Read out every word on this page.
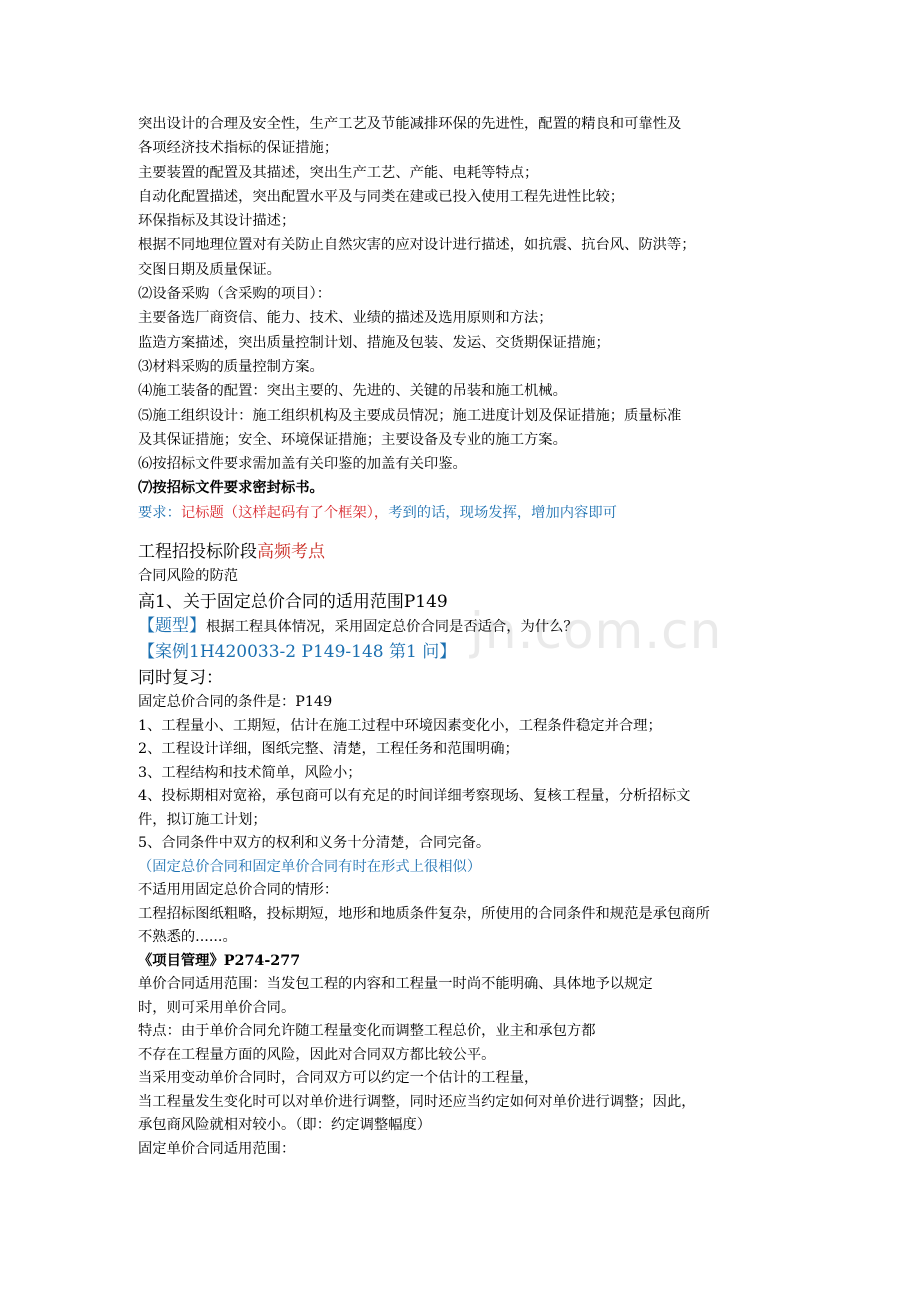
jn.com.cn
突出设计的合理及安全性，生产工艺及节能减排环保的先进性，配置的精良和可靠性及
各项经济技术指标的保证措施；
主要装置的配置及其描述，突出生产工艺、产能、电耗等特点；
自动化配置描述，突出配置水平及与同类在建或已投入使用工程先进性比较；
环保指标及其设计描述；
根据不同地理位置对有关防止自然灾害的应对设计进行描述，如抗震、抗台风、防洪等；
交图日期及质量保证。
⑵设备采购（含采购的项目）：
主要备选厂商资信、能力、技术、业绩的描述及选用原则和方法；
监造方案描述，突出质量控制计划、措施及包装、发运、交货期保证措施；
⑶材料采购的质量控制方案。
⑷施工装备的配置：突出主要的、先进的、关键的吊装和施工机械。
⑸施工组织设计：施工组织机构及主要成员情况；施工进度计划及保证措施；质量标准
及其保证措施；安全、环境保证措施；主要设备及专业的施工方案。
⑹按招标文件要求需加盖有关印鉴的加盖有关印鉴。
⑺按招标文件要求密封标书。
要求：记标题（这样起码有了个框架），考到的话，现场发挥，增加内容即可
工程招投标阶段高频考点
合同风险的防范
高1、关于固定总价合同的适用范围P149
【题型】根据工程具体情况，采用固定总价合同是否适合，为什么？
【案例1H420033-2 P149-148 第1 问】
同时复习：
固定总价合同的条件是：P149
1、工程量小、工期短，估计在施工过程中环境因素变化小，工程条件稳定并合理；
2、工程设计详细，图纸完整、清楚，工程任务和范围明确；
3、工程结构和技术简单，风险小；
4、投标期相对宽裕，承包商可以有充足的时间详细考察现场、复核工程量，分析招标文
件，拟订施工计划；
5、合同条件中双方的权利和义务十分清楚，合同完备。
（固定总价合同和固定单价合同有时在形式上很相似）
不适用用固定总价合同的情形：
工程招标图纸粗略，投标期短，地形和地质条件复杂，所使用的合同条件和规范是承包商所
不熟悉的......。
《项目管理》P274-277
单价合同适用范围：当发包工程的内容和工程量一时尚不能明确、具体地予以规定
时，则可采用单价合同。
特点：由于单价合同允许随工程量变化而调整工程总价，业主和承包方都
不存在工程量方面的风险，因此对合同双方都比较公平。
当采用变动单价合同时，合同双方可以约定一个估计的工程量，
当工程量发生变化时可以对单价进行调整，同时还应当约定如何对单价进行调整；因此，
承包商风险就相对较小。（即：约定调整幅度）
固定单价合同适用范围：
